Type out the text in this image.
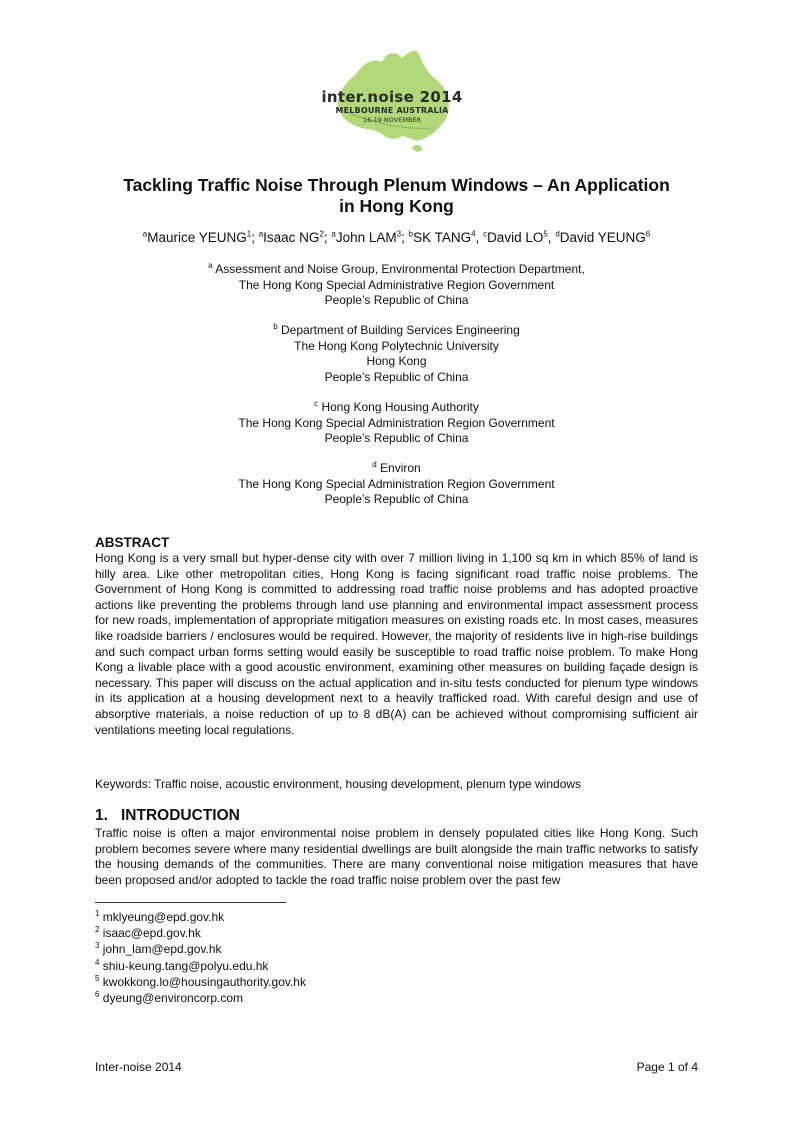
inter.noise 2014
MELBOURNE AUSTRALIA
16-19 NOVEMBER
Tackling Traffic Noise Through Plenum Windows – An Application
in Hong Kong
$^a$Maurice YEUNG$^1$; $^a$Isaac $NG^2$; $^a$John LAM$^3$; $^b$SK TANG$^4$, $^c$David $LO^5$, $^d$David YEUNG$^6$
$^a$ Assessment and Noise Group, Environmental Protection Department,
The Hong Kong Special Administrative Region Government
People’s Republic of China
$^b$ Department of Building Services Engineering
The Hong Kong Polytechnic University
Hong Kong
People’s Republic of China
$^c$ Hong Kong Housing Authority
The Hong Kong Special Administration Region Government
People’s Republic of China
$^d$ Environ
The Hong Kong Special Administration Region Government
People’s Republic of China
ABSTRACT

Hong Kong is a very small but hyper-dense city with over 7 million living in 1,100 sq km in which 85% of land is hilly area. Like other metropolitan cities, Hong Kong is facing significant road traffic noise problems. The Government of Hong Kong is committed to addressing road traffic noise problems and has adopted proactive actions like preventing the problems through land use planning and environmental impact assessment process for new roads, implementation of appropriate mitigation measures on existing roads etc. In most cases, measures like roadside barriers / enclosures would be required. However, the majority of residents live in high-rise buildings and such compact urban forms setting would easily be susceptible to road traffic noise problem. To make Hong Kong a livable place with a good acoustic environment, examining other measures on building façade design is necessary. This paper will discuss on the actual application and in-situ tests conducted for plenum type windows in its application at a housing development next to a heavily trafficked road. With careful design and use of absorptive materials, a noise reduction of up to 8 dB(A) can be achieved without compromising sufficient air ventilations meeting local regulations.

Keywords: Traffic noise, acoustic environment, housing development, plenum type windows
1. INTRODUCTION

Traffic noise is often a major environmental noise problem in densely populated cities like Hong Kong. Such problem becomes severe where many residential dwellings are built alongside the main traffic networks to satisfy the housing demands of the communities. There are many conventional noise mitigation measures that have been proposed and/or adopted to tackle the road traffic noise problem over the past few

$^1$ mklyeung@epd.gov.hk
$^2$ isaac@epd.gov.hk
$^3$ john_lam@epd.gov.hk
$^4$ shiu-keung.tang@polyu.edu.hk
$^5$ kwokkong.lo@housingauthority.gov.hk
$^6$ dyeung@environcorp.com
Inter-noise 2014	Page 1 of 4
